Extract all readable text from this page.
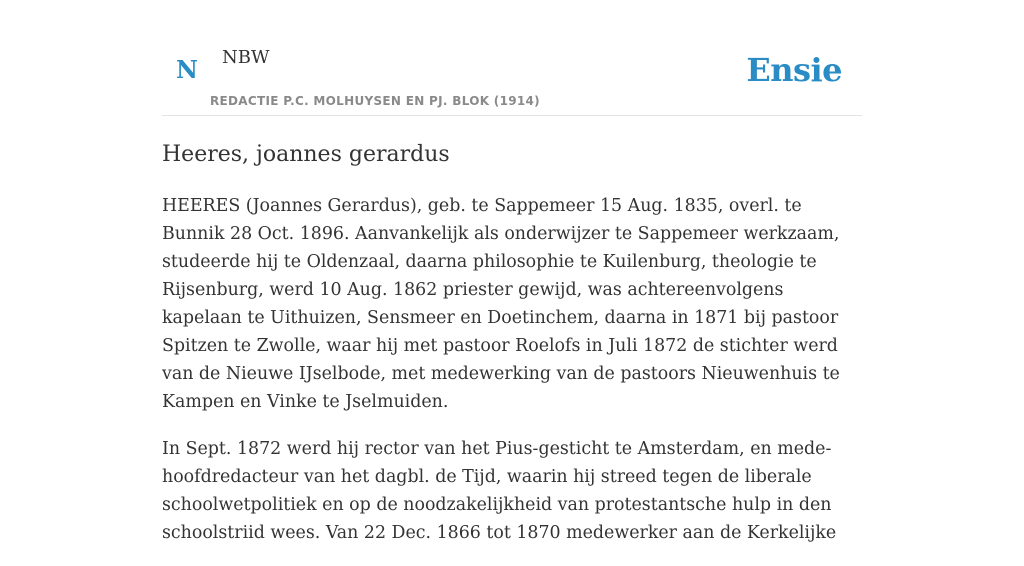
N NBW
REDACTIE P.C. MOLHUYSEN EN PJ. BLOK (1914)
Ensie
Heeres, joannes gerardus

HEERES (Joannes Gerardus), geb. te Sappemeer 15 Aug. 1835, overl. te Bunnik 28 Oct. 1896. Aanvankelijk als onderwijzer te Sappemeer werkzaam, studeerde hij te Oldenzaal, daarna philosophie te Kuilenburg, theologie te Rijsenburg, werd 10 Aug. 1862 priester gewijd, was achtereenvolgens kapelaan te Uithuizen, Sensmeer en Doetinchem, daarna in 1871 bij pastoor Spitzen te Zwolle, waar hij met pastoor Roelofs in Juli 1872 de stichter werd van de Nieuwe IJselbode, met medewerking van de pastoors Nieuwenhuis te Kampen en Vinke te Jselmuiden.

In Sept. 1872 werd hij rector van het Pius-gesticht te Amsterdam, en mede-hoofdredacteur van het dagbl. de Tijd, waarin hij streed tegen de liberale schoolwetpolitiek en op de noodzakelijkheid van protestantsche hulp in den schoolstriid wees. Van 22 Dec. 1866 tot 1870 medewerker aan de Kerkelijke
